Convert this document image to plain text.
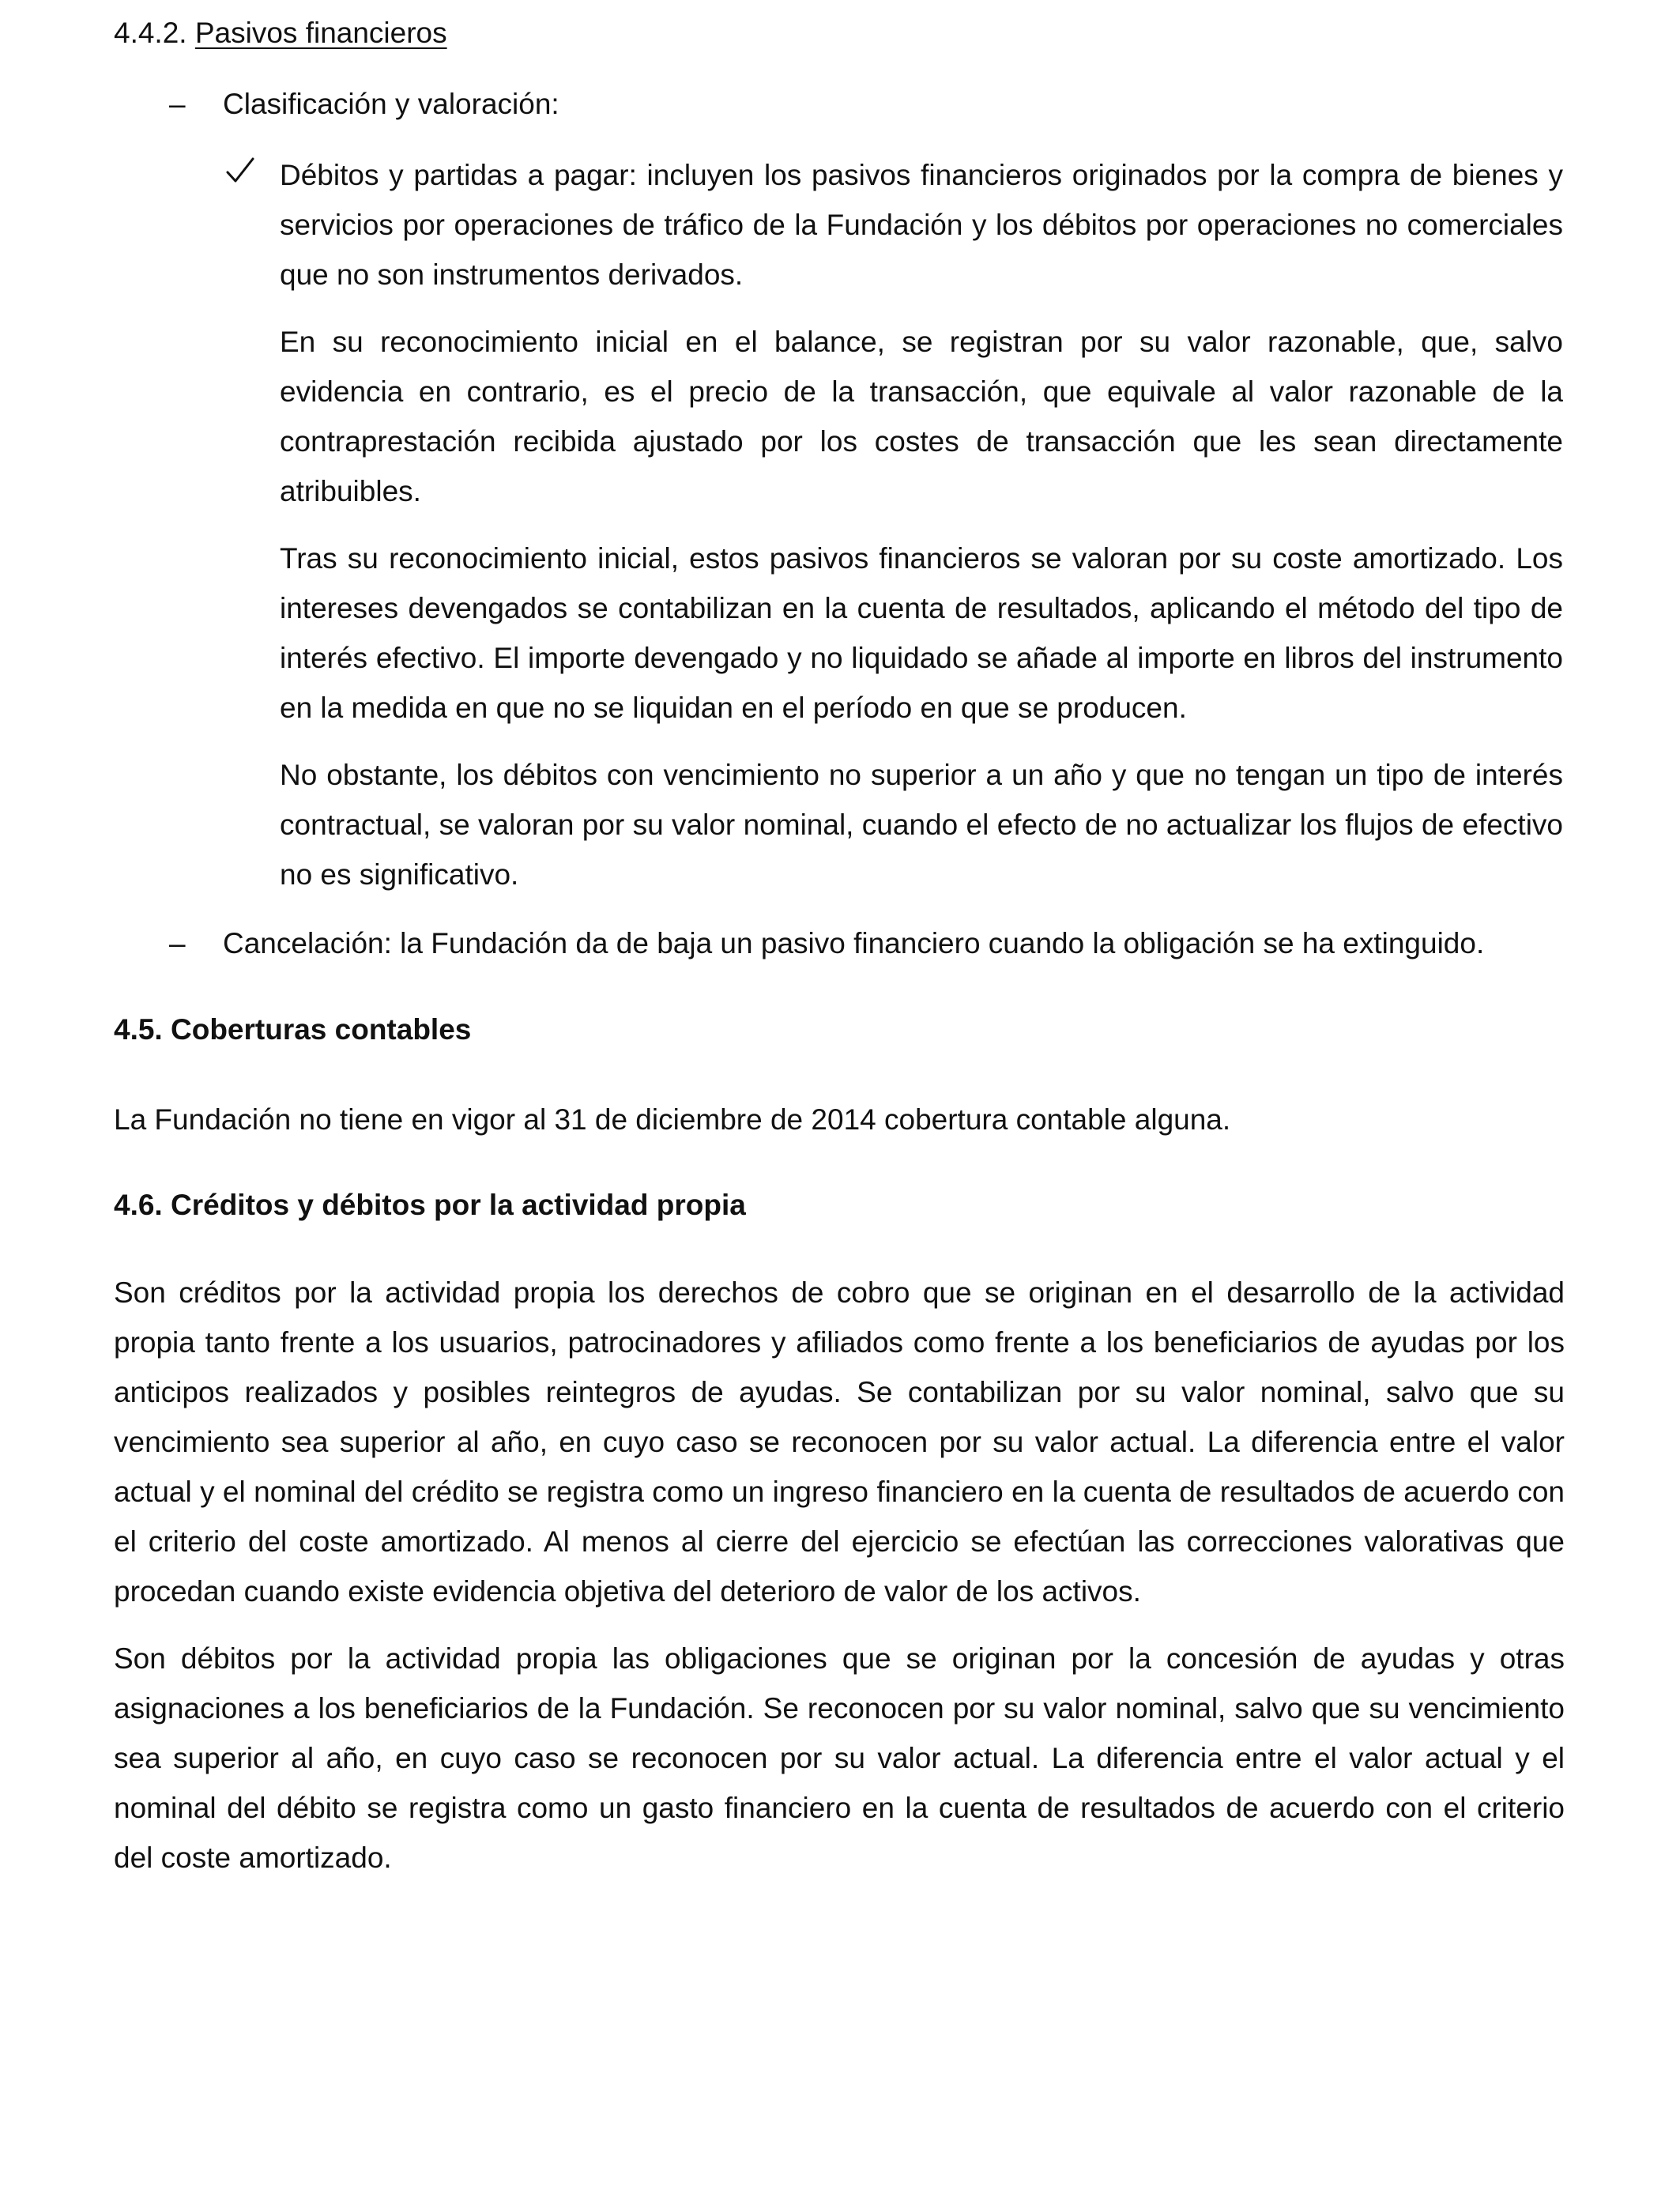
4.4.2. Pasivos financieros
–	Clasificación y valoración:

Débitos y partidas a pagar: incluyen los pasivos financieros originados por la compra de bienes y servicios por operaciones de tráfico de la Fundación y los débitos por operaciones no comerciales que no son instrumentos derivados.

En su reconocimiento inicial en el balance, se registran por su valor razonable, que, salvo evidencia en contrario, es el precio de la transacción, que equivale al valor razonable de la contraprestación recibida ajustado por los costes de transacción que les sean directamente atribuibles.

Tras su reconocimiento inicial, estos pasivos financieros se valoran por su coste amortizado. Los intereses devengados se contabilizan en la cuenta de resultados, aplicando el método del tipo de interés efectivo. El importe devengado y no liquidado se añade al importe en libros del instrumento en la medida en que no se liquidan en el período en que se producen.

No obstante, los débitos con vencimiento no superior a un año y que no tengan un tipo de interés contractual, se valoran por su valor nominal, cuando el efecto de no actualizar los flujos de efectivo no es significativo.

–	Cancelación: la Fundación da de baja un pasivo financiero cuando la obligación se ha extinguido.
4.5. Coberturas contables

La Fundación no tiene en vigor al 31 de diciembre de 2014 cobertura contable alguna.

4.6. Créditos y débitos por la actividad propia

Son créditos por la actividad propia los derechos de cobro que se originan en el desarrollo de la actividad propia tanto frente a los usuarios, patrocinadores y afiliados como frente a los beneficiarios de ayudas por los anticipos realizados y posibles reintegros de ayudas. Se contabilizan por su valor nominal, salvo que su vencimiento sea superior al año, en cuyo caso se reconocen por su valor actual. La diferencia entre el valor actual y el nominal del crédito se registra como un ingreso financiero en la cuenta de resultados de acuerdo con el criterio del coste amortizado. Al menos al cierre del ejercicio se efectúan las correcciones valorativas que procedan cuando existe evidencia objetiva del deterioro de valor de los activos.

Son débitos por la actividad propia las obligaciones que se originan por la concesión de ayudas y otras asignaciones a los beneficiarios de la Fundación. Se reconocen por su valor nominal, salvo que su vencimiento sea superior al año, en cuyo caso se reconocen por su valor actual. La diferencia entre el valor actual y el nominal del débito se registra como un gasto financiero en la cuenta de resultados de acuerdo con el criterio del coste amortizado.
